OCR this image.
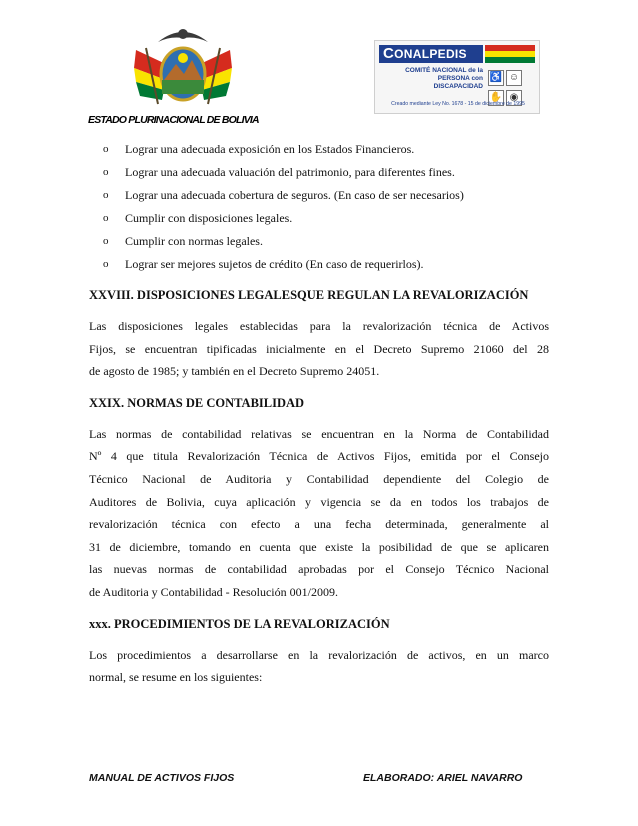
CONALPEDIS
COMITÉ NACIONAL de la PERSONA con DISCAPACIDAD
♿ ☺✋ ◉
Creado mediante Ley No. 1678 - 15 de diciembre de 1995
ESTADO PLURINACIONAL DE BOLIVIA
o Lograr una adecuada exposición en los Estados Financieros.
o Lograr una adecuada valuación del patrimonio, para diferentes fines.
o Lograr una adecuada cobertura de seguros. (En caso de ser necesarios)
o Cumplir con disposiciones legales.
o Cumplir con normas legales.
o Lograr ser mejores sujetos de crédito (En caso de requerirlos).
XXVIII. DISPOSICIONES LEGALESQUE REGULAN LA REVALORIZACIÓN

Las disposiciones legales establecidas para la revalorización técnica de Activos
Fijos, se encuentran tipificadas inicialmente en el Decreto Supremo 21060 del 28
de agosto de 1985; y también en el Decreto Supremo 24051.

XXIX. NORMAS DE CONTABILIDAD

Las normas de contabilidad relativas se encuentran en la Norma de Contabilidad
Nº 4 que titula Revalorización Técnica de Activos Fijos, emitida por el Consejo
Técnico Nacional de Auditoria y Contabilidad dependiente del Colegio de
Auditores de Bolivia, cuya aplicación y vigencia se da en todos los trabajos de
revalorización técnica con efecto a una fecha determinada, generalmente al
31 de diciembre, tomando en cuenta que existe la posibilidad de que se aplicaren
las nuevas normas de contabilidad aprobadas por el Consejo Técnico Nacional
de Auditoria y Contabilidad - Resolución 001/2009.

xxx. PROCEDIMIENTOS DE LA REVALORIZACIÓN

Los procedimientos a desarrollarse en la revalorización de activos, en un marco
normal, se resume en los siguientes:

MANUAL DE ACTIVOS FIJOS	ELABORADO: ARIEL NAVARRO
